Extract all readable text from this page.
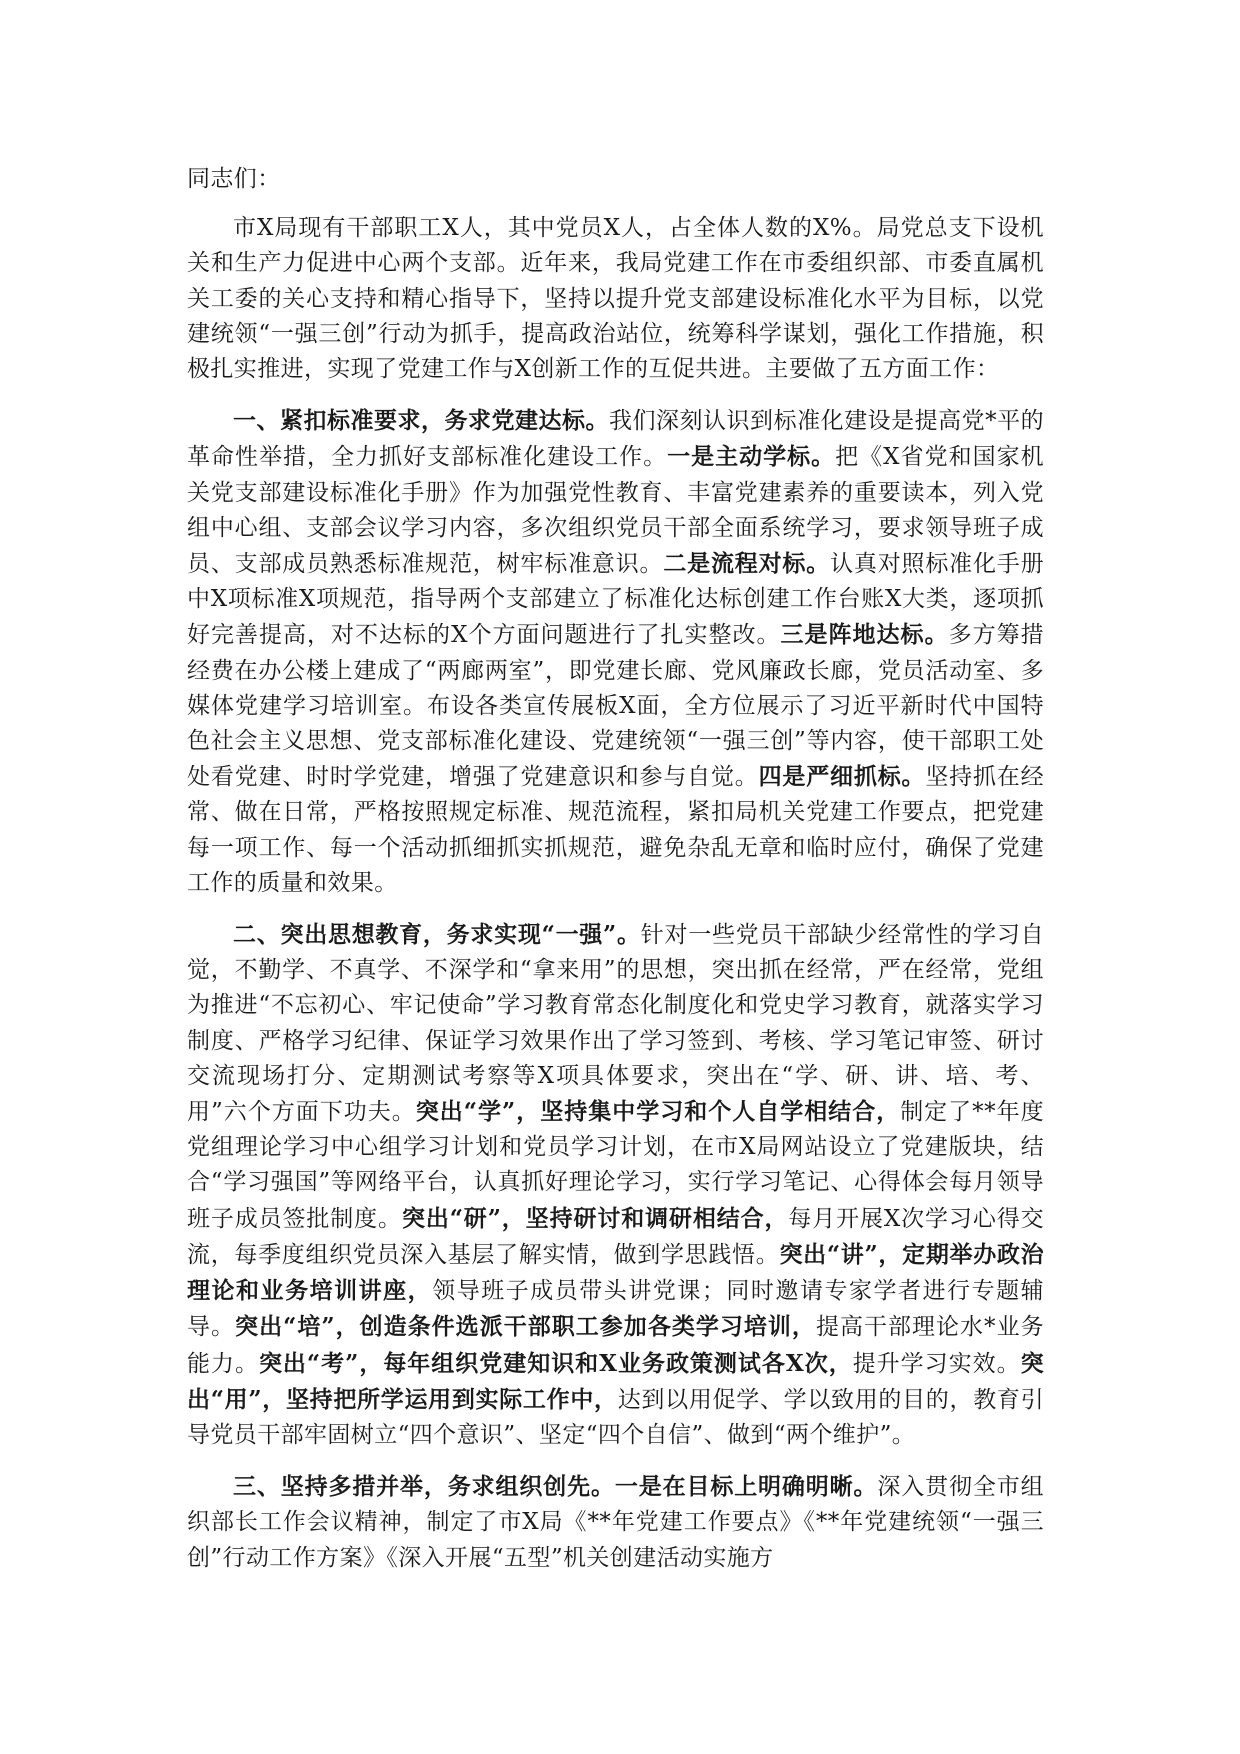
同志们：

市X局现有干部职工X人，其中党员X人，占全体人数的X%。局党总支下设机关和生产力促进中心两个支部。近年来，我局党建工作在市委组织部、市委直属机关工委的关心支持和精心指导下，坚持以提升党支部建设标准化水平为目标，以党建统领“一强三创”行动为抓手，提高政治站位，统筹科学谋划，强化工作措施，积极扎实推进，实现了党建工作与X创新工作的互促共进。主要做了五方面工作：

一、紧扣标准要求，务求党建达标。我们深刻认识到标准化建设是提高党*平的革命性举措，全力抓好支部标准化建设工作。一是主动学标。把《X省党和国家机关党支部建设标准化手册》作为加强党性教育、丰富党建素养的重要读本，列入党组中心组、支部会议学习内容，多次组织党员干部全面系统学习，要求领导班子成员、支部成员熟悉标准规范，树牢标准意识。二是流程对标。认真对照标准化手册中X项标准X项规范，指导两个支部建立了标准化达标创建工作台账X大类，逐项抓好完善提高，对不达标的X个方面问题进行了扎实整改。三是阵地达标。多方筹措经费在办公楼上建成了“两廊两室”，即党建长廊、党风廉政长廊，党员活动室、多媒体党建学习培训室。布设各类宣传展板X面，全方位展示了习近平新时代中国特色社会主义思想、党支部标准化建设、党建统领“一强三创”等内容，使干部职工处处看党建、时时学党建，增强了党建意识和参与自觉。四是严细抓标。坚持抓在经常、做在日常，严格按照规定标准、规范流程，紧扣局机关党建工作要点，把党建每一项工作、每一个活动抓细抓实抓规范，避免杂乱无章和临时应付，确保了党建工作的质量和效果。

二、突出思想教育，务求实现“一强”。针对一些党员干部缺少经常性的学习自觉，不勤学、不真学、不深学和“拿来用”的思想，突出抓在经常，严在经常，党组为推进“不忘初心、牢记使命”学习教育常态化制度化和党史学习教育，就落实学习制度、严格学习纪律、保证学习效果作出了学习签到、考核、学习笔记审签、研讨交流现场打分、定期测试考察等X项具体要求，突出在“学、研、讲、培、考、用”六个方面下功夫。突出“学”，坚持集中学习和个人自学相结合，制定了**年度党组理论学习中心组学习计划和党员学习计划，在市X局网站设立了党建版块，结合“学习强国”等网络平台，认真抓好理论学习，实行学习笔记、心得体会每月领导班子成员签批制度。突出“研”，坚持研讨和调研相结合，每月开展X次学习心得交流，每季度组织党员深入基层了解实情，做到学思践悟。突出“讲”，定期举办政治理论和业务培训讲座，领导班子成员带头讲党课；同时邀请专家学者进行专题辅导。突出“培”，创造条件选派干部职工参加各类学习培训，提高干部理论水*业务能力。突出“考”，每年组织党建知识和X业务政策测试各X次，提升学习实效。突出“用”，坚持把所学运用到实际工作中，达到以用促学、学以致用的目的，教育引导党员干部牢固树立“四个意识”、坚定“四个自信”、做到“两个维护”。

三、坚持多措并举，务求组织创先。一是在目标上明确明晰。深入贯彻全市组织部长工作会议精神，制定了市X局《**年党建工作要点》《**年党建统领“一强三创”行动工作方案》《深入开展“五型”机关创建活动实施方
